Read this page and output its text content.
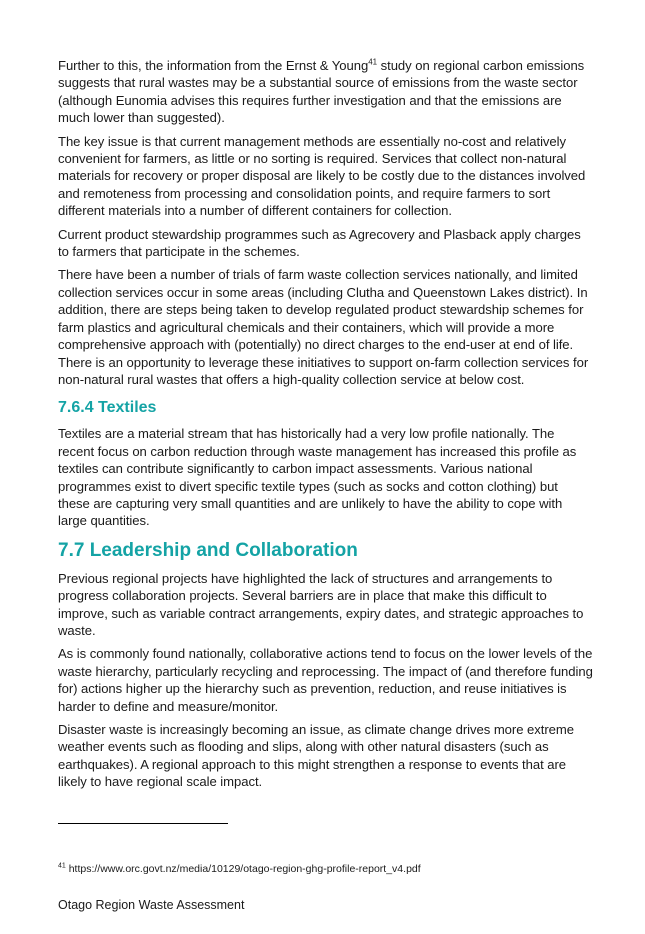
Further to this, the information from the Ernst & Young$^{41}$ study on regional carbon emissions suggests that rural wastes may be a substantial source of emissions from the waste sector (although Eunomia advises this requires further investigation and that the emissions are much lower than suggested).

The key issue is that current management methods are essentially no-cost and relatively convenient for farmers, as little or no sorting is required. Services that collect non-natural materials for recovery or proper disposal are likely to be costly due to the distances involved and remoteness from processing and consolidation points, and require farmers to sort different materials into a number of different containers for collection.

Current product stewardship programmes such as Agrecovery and Plasback apply charges to farmers that participate in the schemes.

There have been a number of trials of farm waste collection services nationally, and limited collection services occur in some areas (including Clutha and Queenstown Lakes district). In addition, there are steps being taken to develop regulated product stewardship schemes for farm plastics and agricultural chemicals and their containers, which will provide a more comprehensive approach with (potentially) no direct charges to the end-user at end of life. There is an opportunity to leverage these initiatives to support on-farm collection services for non-natural rural wastes that offers a high-quality collection service at below cost.

7.6.4 Textiles

Textiles are a material stream that has historically had a very low profile nationally. The recent focus on carbon reduction through waste management has increased this profile as textiles can contribute significantly to carbon impact assessments. Various national programmes exist to divert specific textile types (such as socks and cotton clothing) but these are capturing very small quantities and are unlikely to have the ability to cope with large quantities.

7.7 Leadership and Collaboration

Previous regional projects have highlighted the lack of structures and arrangements to progress collaboration projects. Several barriers are in place that make this difficult to improve, such as variable contract arrangements, expiry dates, and strategic approaches to waste.

As is commonly found nationally, collaborative actions tend to focus on the lower levels of the waste hierarchy, particularly recycling and reprocessing. The impact of (and therefore funding for) actions higher up the hierarchy such as prevention, reduction, and reuse initiatives is harder to define and measure/monitor.

Disaster waste is increasingly becoming an issue, as climate change drives more extreme weather events such as flooding and slips, along with other natural disasters (such as earthquakes). A regional approach to this might strengthen a response to events that are likely to have regional scale impact.

$^{41}$ https://www.orc.govt.nz/media/10129/otago-region-ghg-profile-report_v4.pdf
Otago Region Waste Assessment
